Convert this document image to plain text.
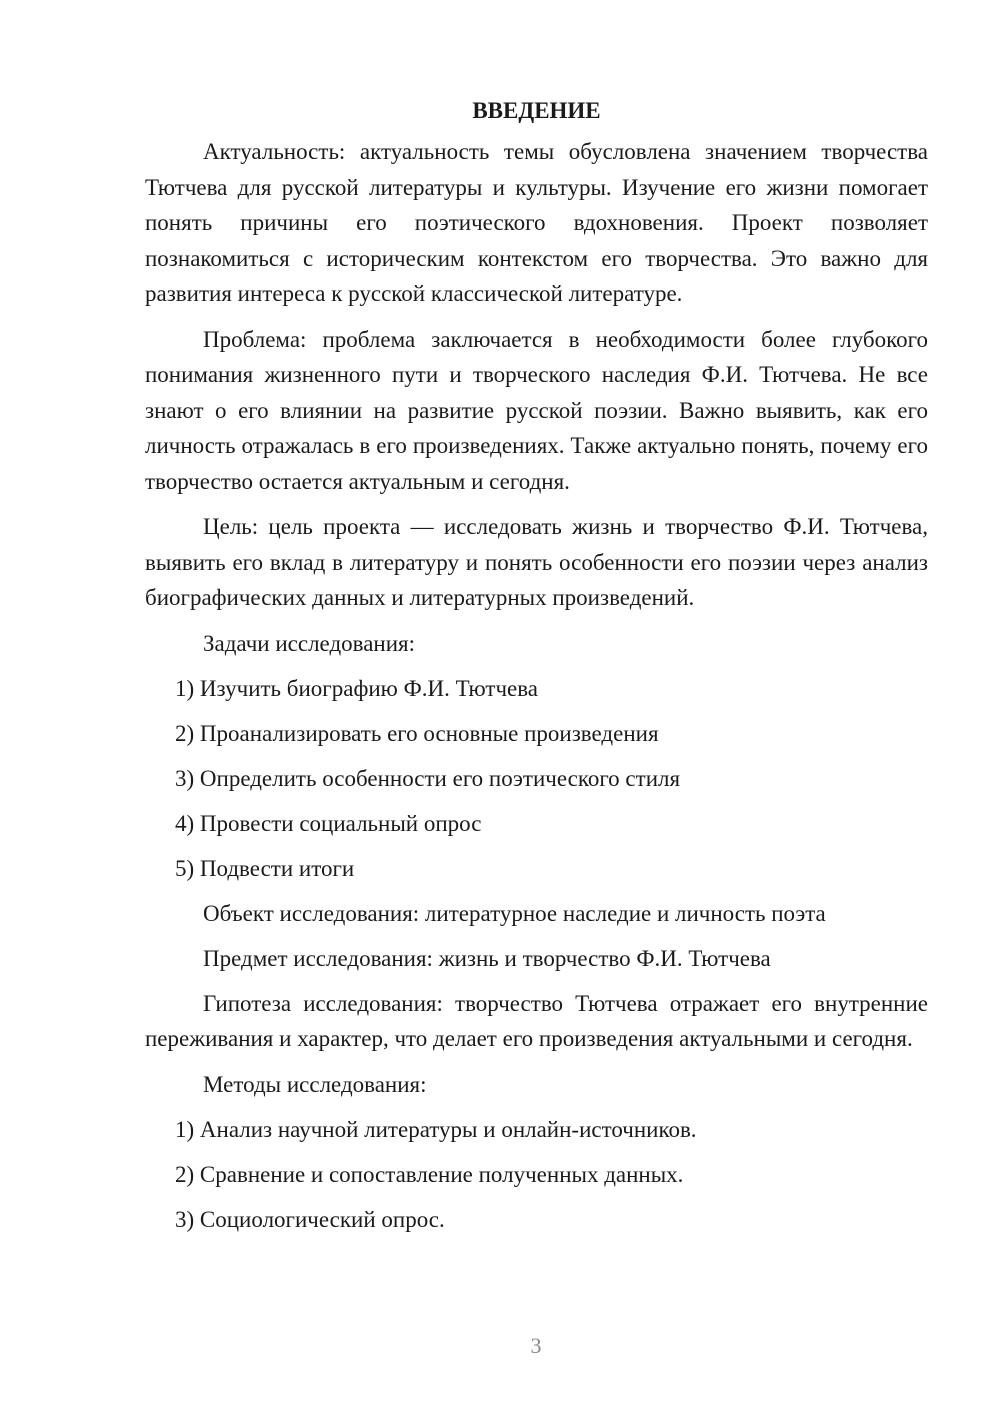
ВВЕДЕНИЕ

Актуальность: актуальность темы обусловлена значением творчества Тютчева для русской литературы и культуры. Изучение его жизни помогает понять причины его поэтического вдохновения. Проект позволяет познакомиться с историческим контекстом его творчества. Это важно для развития интереса к русской классической литературе.

Проблема: проблема заключается в необходимости более глубокого понимания жизненного пути и творческого наследия Ф.И. Тютчева. Не все знают о его влиянии на развитие русской поэзии. Важно выявить, как его личность отражалась в его произведениях. Также актуально понять, почему его творчество остается актуальным и сегодня.

Цель: цель проекта — исследовать жизнь и творчество Ф.И. Тютчева, выявить его вклад в литературу и понять особенности его поэзии через анализ биографических данных и литературных произведений.

Задачи исследования:
1) Изучить биографию Ф.И. Тютчева
2) Проанализировать его основные произведения
3) Определить особенности его поэтического стиля
4) Провести социальный опрос
5) Подвести итоги
Объект исследования: литературное наследие и личность поэта
Предмет исследования: жизнь и творчество Ф.И. Тютчева

Гипотеза исследования: творчество Тютчева отражает его внутренние переживания и характер, что делает его произведения актуальными и сегодня.

Методы исследования:
1) Анализ научной литературы и онлайн-источников.
2) Сравнение и сопоставление полученных данных.
3) Социологический опрос.
3
